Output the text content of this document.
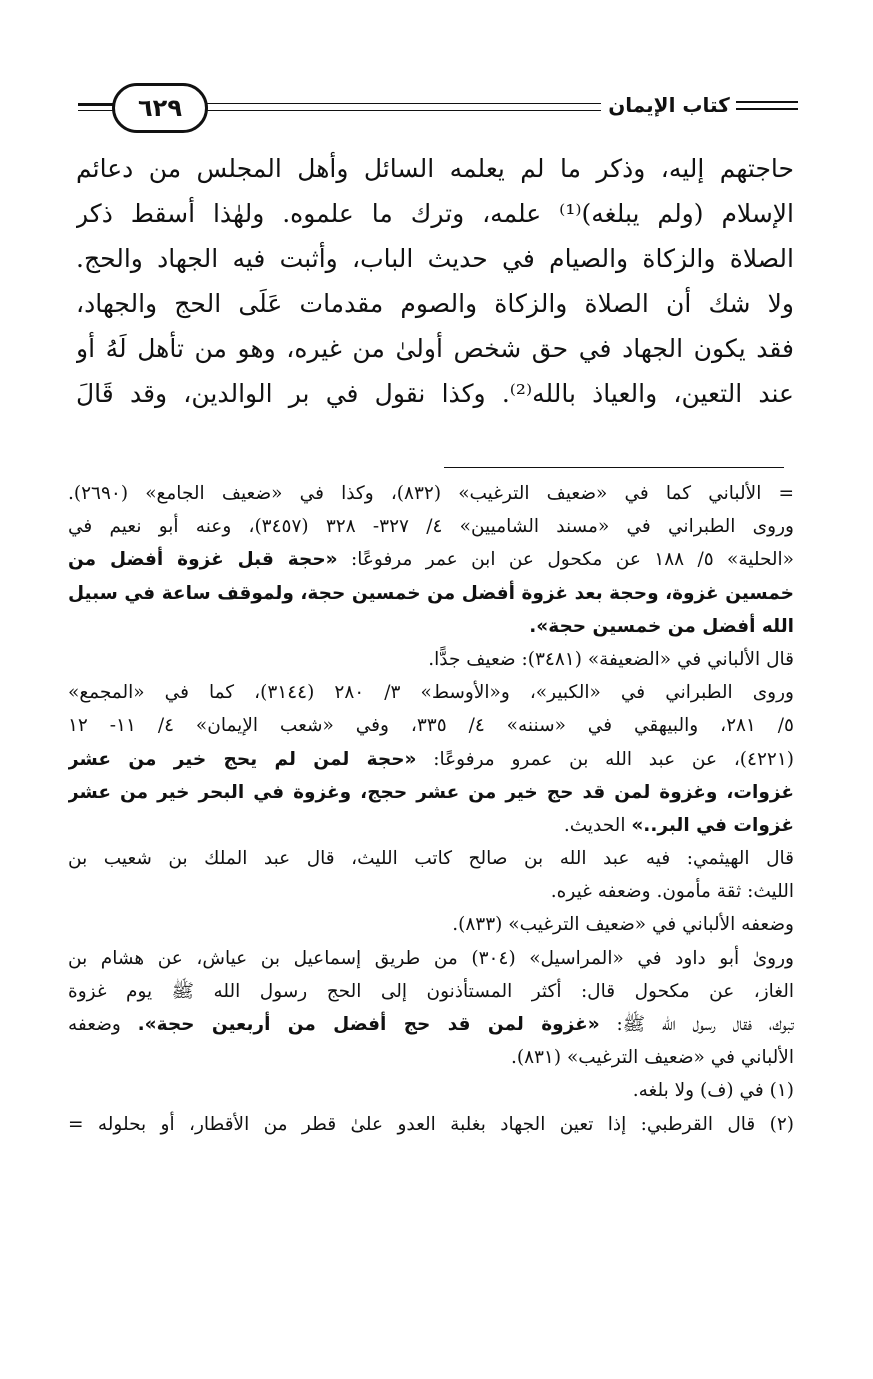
٦٢٩	كتاب الإيمان
حاجتهم إليه، وذكر ما لم يعلمه السائل وأهل المجلس من دعائم
الإسلام (ولم يبلغه)⁽¹⁾ علمه، وترك ما علموه. ولهٰذا أسقط ذكر
الصلاة والزكاة والصيام في حديث الباب، وأثبت فيه الجهاد والحج.
ولا شك أن الصلاة والزكاة والصوم مقدمات عَلَى الحج والجهاد،
فقد يكون الجهاد في حق شخص أولىٰ من غيره، وهو من تأهل لَهُ أو
عند التعين، والعياذ بالله⁽²⁾. وكذا نقول في بر الوالدين، وقد قَالَ
= الألباني كما في «ضعيف الترغيب» (٨٣٢)، وكذا في «ضعيف الجامع» (٢٦٩٠).
وروى الطبراني في «مسند الشاميين» ٤/ ٣٢٧- ٣٢٨ (٣٤٥٧)، وعنه أبو نعيم في
«الحلية» ٥/ ١٨٨ عن مكحول عن ابن عمر مرفوعًا: «حجة قبل غزوة أفضل من
خمسين غزوة، وحجة بعد غزوة أفضل من خمسين حجة، ولموقف ساعة في سبيل
الله أفضل من خمسين حجة».
قال الألباني في «الضعيفة» (٣٤٨١): ضعيف جدًّا.
وروى الطبراني في «الكبير»، و«الأوسط» ٣/ ٢٨٠ (٣١٤٤)، كما في «المجمع»
٥/ ٢٨١، والبيهقي في «سننه» ٤/ ٣٣٥، وفي «شعب الإيمان» ٤/ ١١- ١٢
(٤٢٢١)، عن عبد الله بن عمرو مرفوعًا: «حجة لمن لم يحج خير من عشر
غزوات، وغزوة لمن قد حج خير من عشر حجج، وغزوة في البحر خير من عشر
غزوات في البر..» الحديث.
قال الهيثمي: فيه عبد الله بن صالح كاتب الليث، قال عبد الملك بن شعيب بن
الليث: ثقة مأمون. وضعفه غيره.
وضعفه الألباني في «ضعيف الترغيب» (٨٣٣).
وروىٰ أبو داود في «المراسيل» (٣٠٤) من طريق إسماعيل بن عياش، عن هشام بن
الغاز، عن مكحول قال: أكثر المستأذنون إلى الحج رسول الله ﷺ يوم غزوة
تبوك، فقال رسول الله ﷺ: «غزوة لمن قد حج أفضل من أربعين حجة». وضعفه
الألباني في «ضعيف الترغيب» (٨٣١).
(١) في (ف) ولا بلغه.
(٢) قال القرطبي: إذا تعين الجهاد بغلبة العدو علىٰ قطر من الأقطار، أو بحلوله =
